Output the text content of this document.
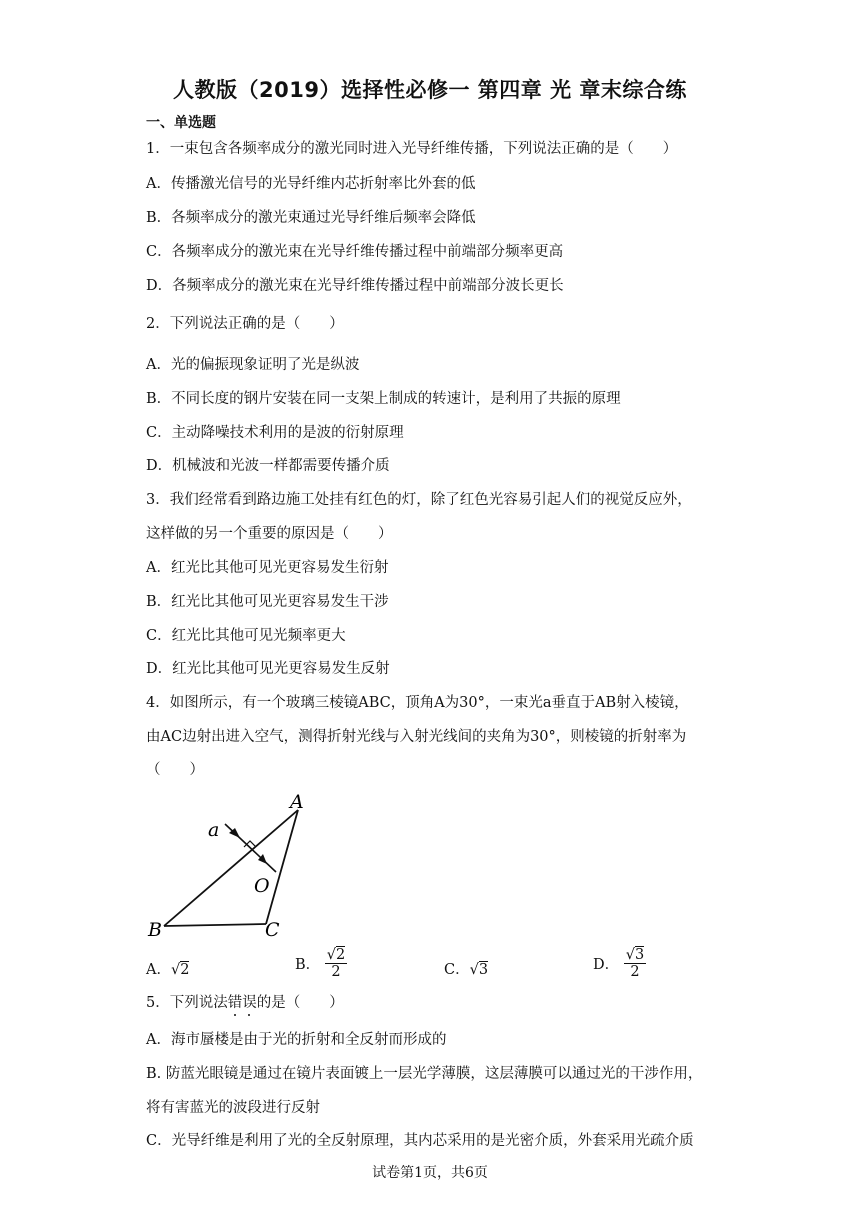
人教版（2019）选择性必修一 第四章 光 章末综合练
一、单选题
1．一束包含各频率成分的激光同时进入光导纤维传播，下列说法正确的是（　　）
A．传播激光信号的光导纤维内芯折射率比外套的低
B．各频率成分的激光束通过光导纤维后频率会降低
C．各频率成分的激光束在光导纤维传播过程中前端部分频率更高
D．各频率成分的激光束在光导纤维传播过程中前端部分波长更长
2．下列说法正确的是（　　）
A．光的偏振现象证明了光是纵波
B．不同长度的钢片安装在同一支架上制成的转速计，是利用了共振的原理
C．主动降噪技术利用的是波的衍射原理
D．机械波和光波一样都需要传播介质
3．我们经常看到路边施工处挂有红色的灯，除了红色光容易引起人们的视觉反应外，
这样做的另一个重要的原因是（　　）
A．红光比其他可见光更容易发生衍射
B．红光比其他可见光更容易发生干涉
C．红光比其他可见光频率更大
D．红光比其他可见光更容易发生反射
4．如图所示，有一个玻璃三棱镜ABC，顶角A为30°，一束光a垂直于AB射入棱镜，
由AC边射出进入空气，测得折射光线与入射光线间的夹角为30°，则棱镜的折射率为
（　　）
a
A
O
B	C
A．√2	B． $\frac{√2}{2}$	C．√3	D． $\frac{√3}{2}$
5．下列说法错误的是（　　）
A．海市蜃楼是由于光的折射和全反射而形成的
B. 防蓝光眼镜是通过在镜片表面镀上一层光学薄膜，这层薄膜可以通过光的干涉作用，
将有害蓝光的波段进行反射
C．光导纤维是利用了光的全反射原理，其内芯采用的是光密介质，外套采用光疏介质
试卷第1页，共6页
